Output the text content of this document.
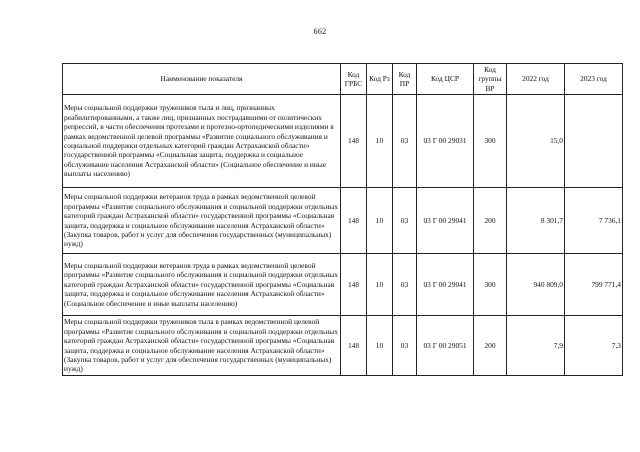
662
Наименование показателя	Код ГРБС	Код Рз	Код ПР	Код ЦСР	Код группы ВР	2022 год	2023 год
Меры социальной поддержки тружеников тыла и лиц, признанных реабилитированными, а также лиц, признанных пострадавшими от политических репрессий, в части обеспечения протезами и протезно-ортопедическими изделиями в рамках ведомственной целевой программы «Развитие социального обслуживания и социальной поддержки отдельных категорий граждан Астраханской области» государственной программы «Социальная защита, поддержка и социальное обслуживание населения Астраханской области» (Социальное обеспечение и иные выплаты населению)	148	10	03	03 Г 00 29031	300	15,0	
Меры социальной поддержки ветеранов труда в рамках ведомственной целевой программы «Развитие социального обслуживания и социальной поддержки отдельных категорий граждан Астраханской области» государственной программы «Социальная защита, поддержка и социальное обслуживание населения Астраханской области» (Закупка товаров, работ и услуг для обеспечения государственных (муниципальных) нужд)	148	10	03	03 Г 00 29041	200	8 301,7	7 736,1
Меры социальной поддержки ветеранов труда в рамках ведомственной целевой программы «Развитие социального обслуживания и социальной поддержки отдельных категорий граждан Астраханской области» государственной программы «Социальная защита, поддержка и социальное обслуживание населения Астраханской области» (Социальное обеспечение и иные выплаты населению)	148	10	03	03 Г 00 29041	300	940 809,0	799 771,4
Меры социальной поддержки тружеников тыла в рамках ведомственной целевой программы «Развитие социального обслуживания и социальной поддержки отдельных категорий граждан Астраханской области» государственной программы «Социальная защита, поддержка и социальное обслуживание населения Астраханской области» (Закупка товаров, работ и услуг для обеспечения государственных (муниципальных) нужд)	148	10	03	03 Г 00 29051	200	7,9	7,3
